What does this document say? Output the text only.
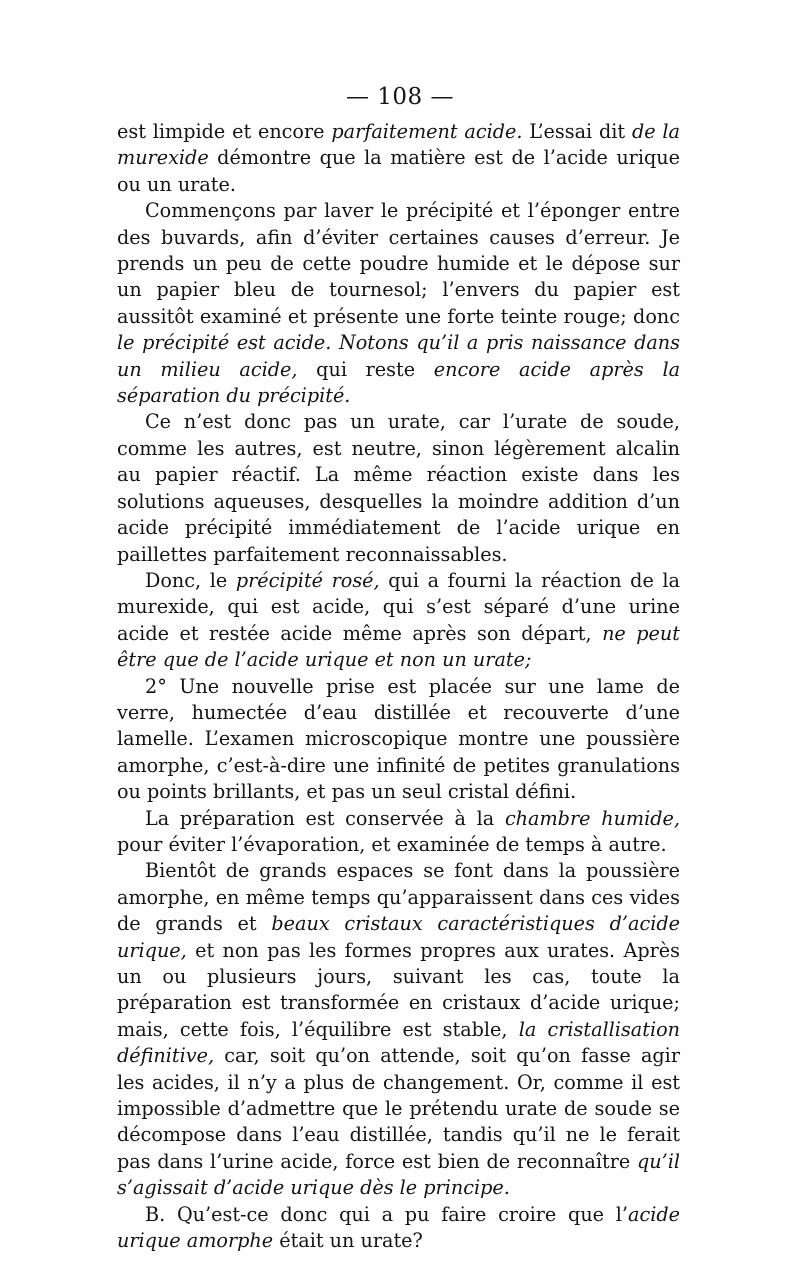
— 108 —

est limpide et encore parfaitement acide. L’essai dit de la murexide démontre que la matière est de l’acide urique ou un urate.

Commençons par laver le précipité et l’éponger entre des buvards, afin d’éviter certaines causes d’erreur. Je prends un peu de cette poudre humide et le dépose sur un papier bleu de tournesol; l’envers du papier est aussitôt examiné et présente une forte teinte rouge; donc le précipité est acide. Notons qu’il a pris naissance dans un milieu acide, qui reste encore acide après la séparation du précipité.

Ce n’est donc pas un urate, car l’urate de soude, comme les autres, est neutre, sinon légèrement alcalin au papier réactif. La même réaction existe dans les solutions aqueuses, desquelles la moindre addition d’un acide précipité immédiatement de l’acide urique en paillettes parfaitement reconnaissables.

Donc, le précipité rosé, qui a fourni la réaction de la murexide, qui est acide, qui s’est séparé d’une urine acide et restée acide même après son départ, ne peut être que de l’acide urique et non un urate;

2° Une nouvelle prise est placée sur une lame de verre, humectée d’eau distillée et recouverte d’une lamelle. L’examen microscopique montre une poussière amorphe, c’est-à-dire une infinité de petites granulations ou points brillants, et pas un seul cristal défini.

La préparation est conservée à la chambre humide, pour éviter l’évaporation, et examinée de temps à autre.

Bientôt de grands espaces se font dans la poussière amorphe, en même temps qu’apparaissent dans ces vides de grands et beaux cristaux caractéristiques d’acide urique, et non pas les formes propres aux urates. Après un ou plusieurs jours, suivant les cas, toute la préparation est transformée en cristaux d’acide urique; mais, cette fois, l’équilibre est stable, la cristallisation définitive, car, soit qu’on attende, soit qu’on fasse agir les acides, il n’y a plus de changement. Or, comme il est impossible d’admettre que le prétendu urate de soude se décompose dans l’eau distillée, tandis qu’il ne le ferait pas dans l’urine acide, force est bien de reconnaître qu’il s’agissait d’acide urique dès le principe.

B. Qu’est-ce donc qui a pu faire croire que l’acide urique amorphe était un urate?
